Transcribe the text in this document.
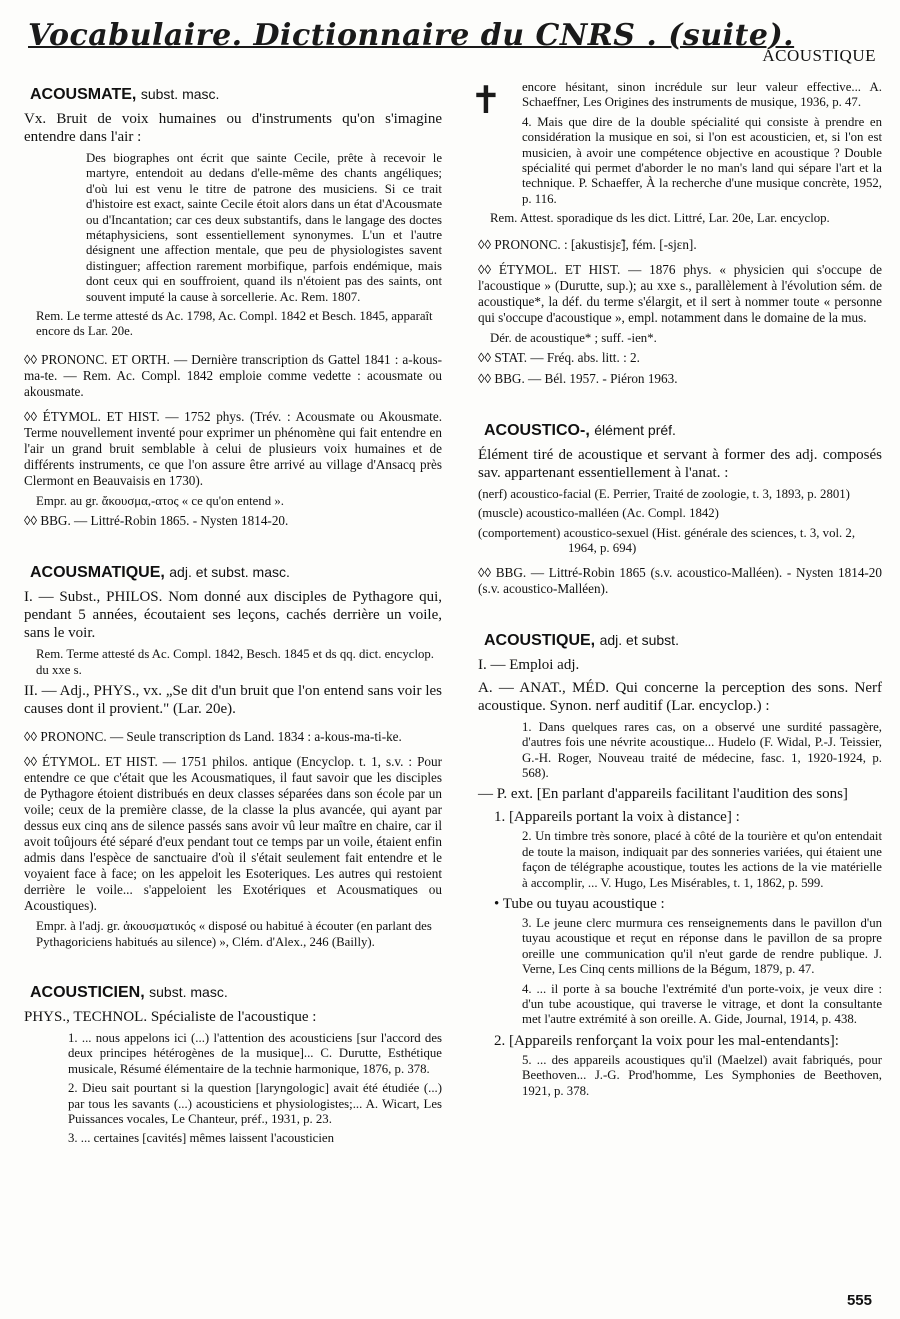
Vocabulaire. Dictionnaire du CNRS . (suite).
✝
ACOUSTIQUE
ACOUSMATE, subst. masc.

Vx. Bruit de voix humaines ou d'instruments qu'on s'imagine entendre dans l'air :

Des biographes ont écrit que sainte Cecile, prête à recevoir le martyre, entendoit au dedans d'elle-même des chants angéliques; d'où lui est venu le titre de patrone des musiciens. Si ce trait d'histoire est exact, sainte Cecile étoit alors dans un état d'Acousmate ou d'Incantation; car ces deux substantifs, dans le langage des doctes métaphysiciens, sont essentiellement synonymes. L'un et l'autre désignent une affection mentale, que peu de physiologistes savent distinguer; affection rarement morbifique, parfois endémique, mais dont ceux qui en souffroient, quand ils n'étoient pas des saints, ont souvent imputé la cause à sorcellerie. Ac. Rem. 1807.

Rem. Le terme attesté ds Ac. 1798, Ac. Compl. 1842 et Besch. 1845, apparaît encore ds Lar. 20e.

◊◊ PRONONC. ET ORTH. — Dernière transcription ds Gattel 1841 : a-kous-ma-te. — Rem. Ac. Compl. 1842 emploie comme vedette : acousmate ou akousmate.

◊◊ ÉTYMOL. ET HIST. — 1752 phys. (Trév. : Acousmate ou Akousmate. Terme nouvellement inventé pour exprimer un phénomène qui fait entendre en l'air un grand bruit semblable à celui de plusieurs voix humaines et de différents instruments, ce que l'on assure être arrivé au village d'Ansacq près Clermont en Beauvaisis en 1730).

Empr. au gr. ἄκουσμα,-ατος « ce qu'on entend ».

◊◊ BBG. — Littré-Robin 1865. - Nysten 1814-20.

ACOUSMATIQUE, adj. et subst. masc.

I. — Subst., PHILOS. Nom donné aux disciples de Pythagore qui, pendant 5 années, écoutaient ses leçons, cachés derrière un voile, sans le voir.

Rem. Terme attesté ds Ac. Compl. 1842, Besch. 1845 et ds qq. dict. encyclop. du xxe s.

II. — Adj., PHYS., vx. „Se dit d'un bruit que l'on entend sans voir les causes dont il provient." (Lar. 20e).

◊◊ PRONONC. — Seule transcription ds Land. 1834 : a-kous-ma-ti-ke.

◊◊ ÉTYMOL. ET HIST. — 1751 philos. antique (Encyclop. t. 1, s.v. : Pour entendre ce que c'était que les Acousmatiques, il faut savoir que les disciples de Pythagore étoient distribués en deux classes séparées dans son école par un voile; ceux de la première classe, de la classe la plus avancée, qui ayant par dessus eux cinq ans de silence passés sans avoir vû leur maître en chaire, car il avoit toûjours été séparé d'eux pendant tout ce temps par un voile, étaient enfin admis dans l'espèce de sanctuaire d'où il s'était seulement fait entendre et le voyaient face à face; on les appeloit les Esoteriques. Les autres qui restoient derrière le voile... s'appeloient les Exotériques et Acousmatiques ou Acoustiques).

Empr. à l'adj. gr. ἀκουσματικός « disposé ou habitué à écouter (en parlant des Pythagoriciens habitués au silence) », Clém. d'Alex., 246 (Bailly).

ACOUSTICIEN, subst. masc.

PHYS., TECHNOL. Spécialiste de l'acoustique :

1. ... nous appelons ici (...) l'attention des acousticiens [sur l'accord des deux principes hétérogènes de la musique]... C. Durutte, Esthétique musicale, Résumé élémentaire de la technie harmonique, 1876, p. 378.

2. Dieu sait pourtant si la question [laryngologic] avait été étudiée (...) par tous les savants (...) acousticiens et physiologistes;... A. Wicart, Les Puissances vocales, Le Chanteur, préf., 1931, p. 23.

3. ... certaines [cavités] mêmes laissent l'acousticien

encore hésitant, sinon incrédule sur leur valeur effective... A. Schaeffner, Les Origines des instruments de musique, 1936, p. 47.

4. Mais que dire de la double spécialité qui consiste à prendre en considération la musique en soi, si l'on est acousticien, et, si l'on est musicien, à avoir une compétence objective en acoustique ? Double spécialité qui permet d'aborder le no man's land qui sépare l'art et la technique. P. Schaeffer, À la recherche d'une musique concrète, 1952, p. 116.

Rem. Attest. sporadique ds les dict. Littré, Lar. 20e, Lar. encyclop.

◊◊ PRONONC. : [akustisjɛ̃], fém. [-sjɛn].

◊◊ ÉTYMOL. ET HIST. — 1876 phys. « physicien qui s'occupe de l'acoustique » (Durutte, sup.); au xxe s., parallèlement à l'évolution sém. de acoustique*, la déf. du terme s'élargit, et il sert à nommer toute « personne qui s'occupe d'acoustique », empl. notamment dans le domaine de la mus.

Dér. de acoustique* ; suff. -ien*.

◊◊ STAT. — Fréq. abs. litt. : 2.

◊◊ BBG. — Bél. 1957. - Piéron 1963.

ACOUSTICO-, élément préf.

Élément tiré de acoustique et servant à former des adj. composés sav. appartenant essentiellement à l'anat. :

(nerf) acoustico-facial (E. Perrier, Traité de zoologie, t. 3, 1893, p. 2801)

(muscle) acoustico-malléen (Ac. Compl. 1842)

(comportement) acoustico-sexuel (Hist. générale des sciences, t. 3, vol. 2, 1964, p. 694)

◊◊ BBG. — Littré-Robin 1865 (s.v. acoustico-Malléen). - Nysten 1814-20 (s.v. acoustico-Malléen).

ACOUSTIQUE, adj. et subst.

I. — Emploi adj.

A. — ANAT., MÉD. Qui concerne la perception des sons. Nerf acoustique. Synon. nerf auditif (Lar. encyclop.) :

1. Dans quelques rares cas, on a observé une surdité passagère, d'autres fois une névrite acoustique... Hudelo (F. Widal, P.-J. Teissier, G.-H. Roger, Nouveau traité de médecine, fasc. 1, 1920-1924, p. 568).

— P. ext. [En parlant d'appareils facilitant l'audition des sons]

1. [Appareils portant la voix à distance] :

2. Un timbre très sonore, placé à côté de la tourière et qu'on entendait de toute la maison, indiquait par des sonneries variées, qui étaient une façon de télégraphe acoustique, toutes les actions de la vie matérielle à accomplir, ... V. Hugo, Les Misérables, t. 1, 1862, p. 599.

• Tube ou tuyau acoustique :

3. Le jeune clerc murmura ces renseignements dans le pavillon d'un tuyau acoustique et reçut en réponse dans le pavillon de sa propre oreille une communication qu'il n'eut garde de rendre publique. J. Verne, Les Cinq cents millions de la Bégum, 1879, p. 47.

4. ... il porte à sa bouche l'extrémité d'un porte-voix, je veux dire : d'un tube acoustique, qui traverse le vitrage, et dont la consultante met l'autre extrémité à son oreille. A. Gide, Journal, 1914, p. 438.

2. [Appareils renforçant la voix pour les mal-entendants]:

5. ... des appareils acoustiques qu'il (Maelzel) avait fabriqués, pour Beethoven... J.-G. Prod'homme, Les Symphonies de Beethoven, 1921, p. 378.

555
